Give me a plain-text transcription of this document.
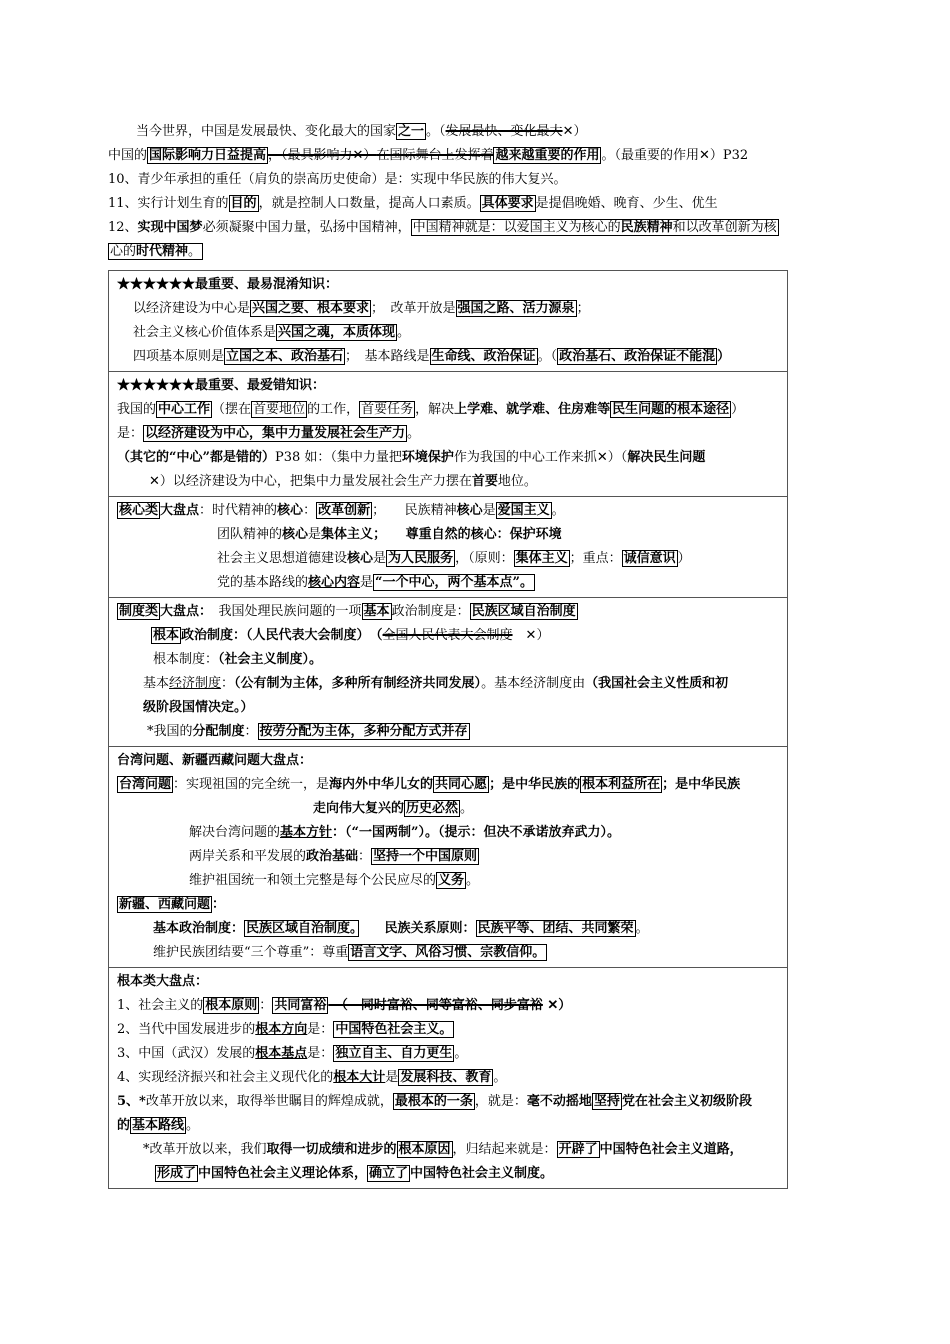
当今世界，中国是发展最快、变化最大的国家 之一 。（发展最快、变化最大✕）
中国的 国际影响力日益提高 ，（最具影响力✕）在国际舞台上发挥着 越来越重要的作用 。（最重要的作用✕）P32
10、青少年承担的重任（肩负的崇高历史使命）是：实现中华民族的伟大复兴。
11、实行计划生育的 目的 ，就是控制人口数量，提高人口素质。 具体要求 是提倡晚婚、晚育、少生、优生
12、实现中国梦必须凝聚中国力量，弘扬中国精神， 中国精神就是：以爱国主义为核心的民族精神和以改革创新为核
心的时代精神。
★★★★★★最重要、最易混淆知识：
以经济建设为中心是 兴国之要、根本要求 ；　改革开放是 强国之路、活力源泉 ；
社会主义核心价值体系是 兴国之魂，本质体现 。
四项基本原则是 立国之本、政治基石 ；　基本路线是 生命线、政治保证 。（ 政治基石、政治保证不能混 ）

★★★★★★最重要、最爱错知识：
我国的 中心工作 （摆在 首要地位 的工作， 首要任务 ，解决上学难、就学难、住房难等 民生问题的根本途径 ）
是： 以经济建设为中心，集中力量发展社会生产力 。
（其它的“中心”都是错的）P38 如：（集中力量把环境保护作为我国的中心工作来抓✕）（解决民生问题
✕）以经济建设为中心，把集中力量发展社会生产力摆在首要地位。

核心类 大盘点：时代精神的核心： 改革创新 ；　　民族精神核心是 爱国主义 。
团队精神的核心是集体主义；　　尊重自然的核心：保护环境
社会主义思想道德建设核心是 为人民服务 ，（原则： 集体主义 ；重点： 诚信意识 ）
党的基本路线的核心内容是 “一个中心，两个基本点”。

制度类 大盘点：　我国处理民族问题的一项 基本 政治制度是： 民族区域自治制度
根本 政治制度：（人民代表大会制度）　（全国人民代表大会制度　✕）
根本制度：（社会主义制度）。
基本经济制度：（公有制为主体，多种所有制经济共同发展）。基本经济制度由（我国社会主义性质和初
级阶段国情决定。）
*我国的分配制度： 按劳分配为主体，多种分配方式并存

台湾问题、新疆西藏问题大盘点：
台湾问题 ：实现祖国的完全统一，是海内外中华儿女的 共同心愿 ；是中华民族的 根本利益所在 ；是中华民族
走向伟大复兴的 历史必然 。
解决台湾问题的基本方针：（“一国两制”）。（提示：但决不承诺放弃武力）。
两岸关系和平发展的政治基础： 坚持一个中国原则
维护祖国统一和领土完整是每个公民应尽的 义务 。
新疆、西藏问题 ：
基本政治制度： 民族区域自治制度。　　民族关系原则： 民族平等、团结、共同繁荣 。
维护民族团结要“三个尊重”：尊重 语言文字、风俗习惯、宗教信仰。

根本类大盘点：
1、社会主义的 根本原则 ： 共同富裕　（　同时富裕、同等富裕、同步富裕 ✕）
2、当代中国发展进步的根本方向是： 中国特色社会主义。
3、中国（武汉）发展的根本基点是： 独立自主、自力更生 。
4、实现经济振兴和社会主义现代化的根本大计是 发展科技、教育 。
5、*改革开放以来，取得举世瞩目的辉煌成就， 最根本的一条 ，就是：毫不动摇地 坚持 党在社会主义初级阶段
的 基本路线 。
*改革开放以来，我们取得一切成绩和进步的 根本原因 ，归结起来就是： 开辟了 中国特色社会主义道路，
形成了 中国特色社会主义理论体系， 确立了 中国特色社会主义制度。
